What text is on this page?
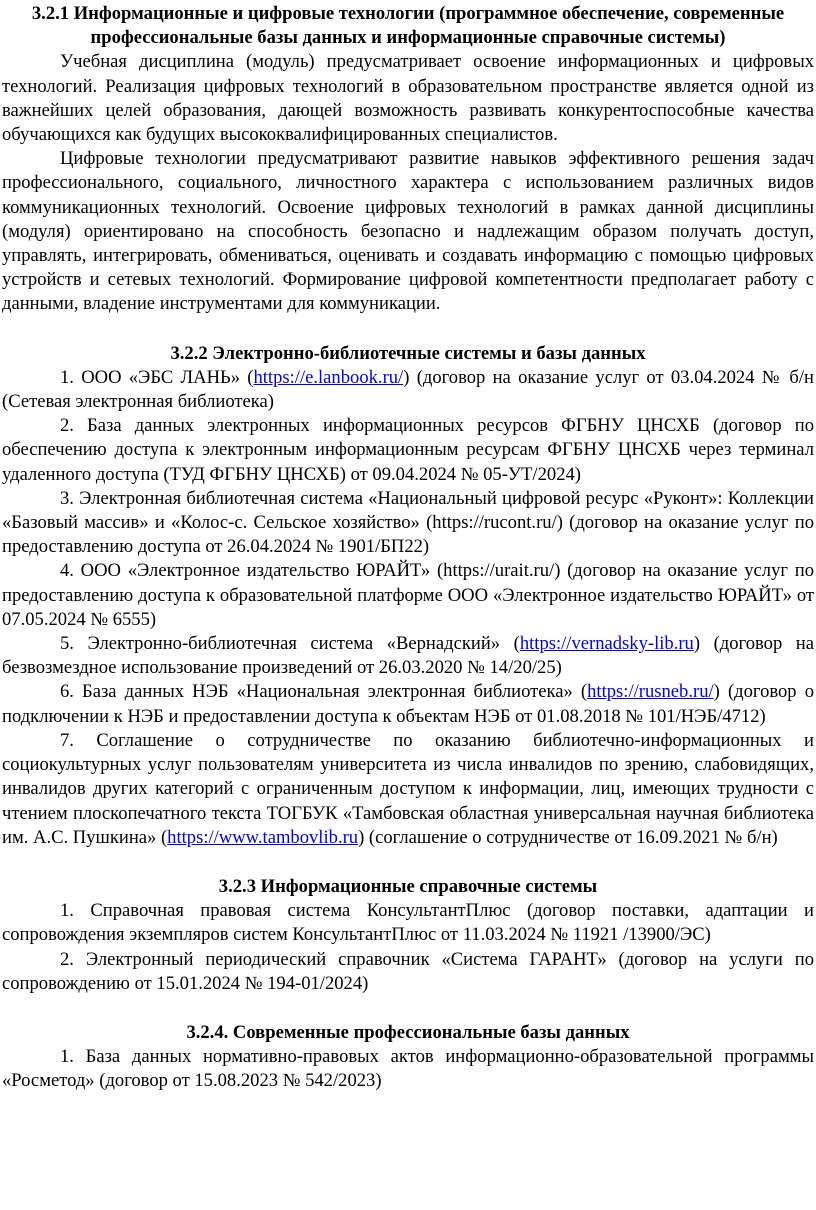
3.2.1 Информационные и цифровые технологии (программное обеспечение, современные профессиональные базы данных и информационные справочные системы)

Учебная дисциплина (модуль) предусматривает освоение информационных и цифровых технологий. Реализация цифровых технологий в образовательном пространстве является одной из важнейших целей образования, дающей возможность развивать конкурентоспособные качества обучающихся как будущих высококвалифицированных специалистов.

Цифровые технологии предусматривают развитие навыков эффективного решения задач профессионального, социального, личностного характера с использованием различных видов коммуникационных технологий. Освоение цифровых технологий в рамках данной дисциплины (модуля) ориентировано на способность безопасно и надлежащим образом получать доступ, управлять, интегрировать, обмениваться, оценивать и создавать информацию с помощью цифровых устройств и сетевых технологий. Формирование цифровой компетентности предполагает работу с данными, владение инструментами для коммуникации.

3.2.2 Электронно-библиотечные системы и базы данных

1. ООО «ЭБС ЛАНЬ» (https://e.lanbook.ru/) (договор на оказание услуг от 03.04.2024 № б/н (Сетевая электронная библиотека)

2. База данных электронных информационных ресурсов ФГБНУ ЦНСХБ (договор по обеспечению доступа к электронным информационным ресурсам ФГБНУ ЦНСХБ через терминал удаленного доступа (ТУД ФГБНУ ЦНСХБ) от 09.04.2024 № 05-УТ/2024)

3. Электронная библиотечная система «Национальный цифровой ресурс «Руконт»: Коллекции «Базовый массив» и «Колос-с. Сельское хозяйство» (https://rucont.ru/) (договор на оказание услуг по предоставлению доступа от 26.04.2024 № 1901/БП22)

4. ООО «Электронное издательство ЮРАЙТ» (https://urait.ru/) (договор на оказание услуг по предоставлению доступа к образовательной платформе ООО «Электронное издательство ЮРАЙТ» от 07.05.2024 № 6555)

5. Электронно-библиотечная система «Вернадский» (https://vernadsky-lib.ru) (договор на безвозмездное использование произведений от 26.03.2020 № 14/20/25)

6. База данных НЭБ «Национальная электронная библиотека» (https://rusneb.ru/) (договор о подключении к НЭБ и предоставлении доступа к объектам НЭБ от 01.08.2018 № 101/НЭБ/4712)

7. Соглашение о сотрудничестве по оказанию библиотечно-информационных и социокультурных услуг пользователям университета из числа инвалидов по зрению, слабовидящих, инвалидов других категорий с ограниченным доступом к информации, лиц, имеющих трудности с чтением плоскопечатного текста ТОГБУК «Тамбовская областная универсальная научная библиотека им. А.С. Пушкина» (https://www.tambovlib.ru) (соглашение о сотрудничестве от 16.09.2021 № б/н)

3.2.3 Информационные справочные системы

1. Справочная правовая система КонсультантПлюс (договор поставки, адаптации и сопровождения экземпляров систем КонсультантПлюс от 11.03.2024 № 11921 /13900/ЭС)

2. Электронный периодический справочник «Система ГАРАНТ» (договор на услуги по сопровождению от 15.01.2024 № 194-01/2024)

3.2.4. Современные профессиональные базы данных

1. База данных нормативно-правовых актов информационно-образовательной программы «Росметод» (договор от 15.08.2023 № 542/2023)
